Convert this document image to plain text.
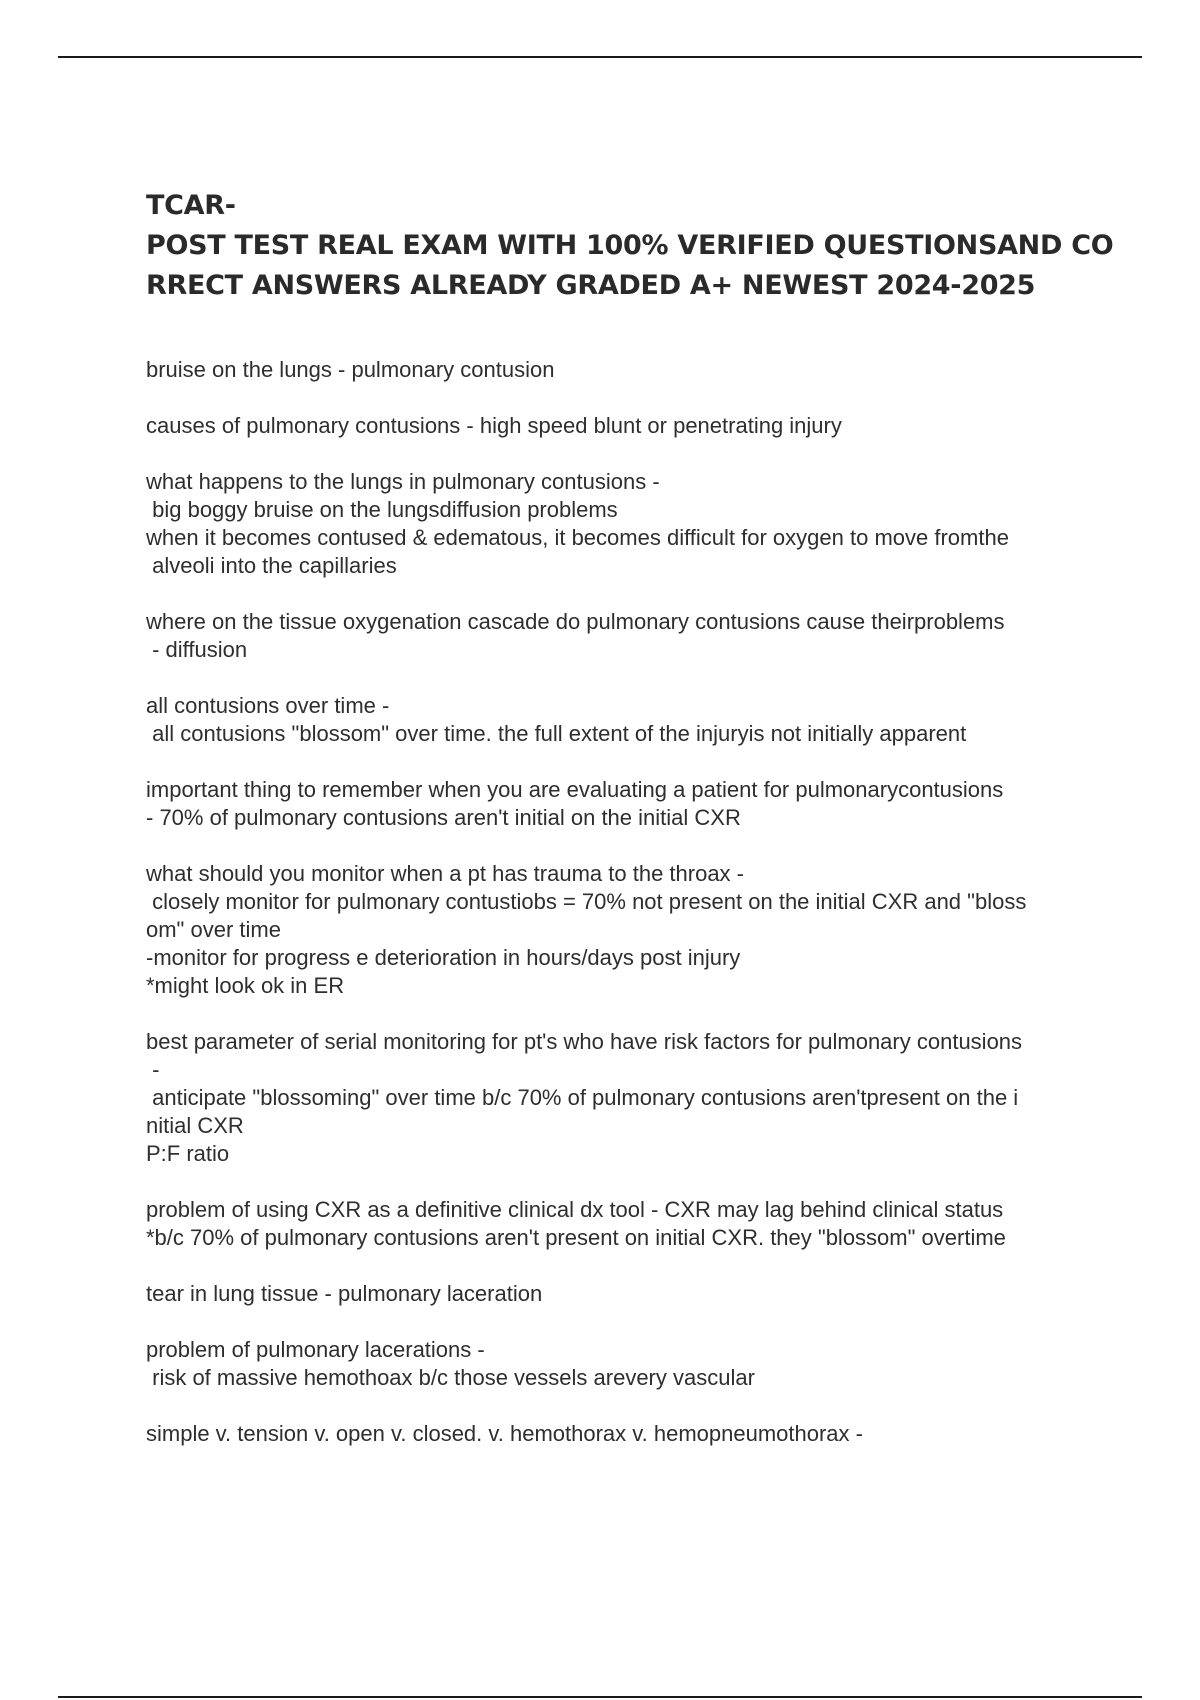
TCAR-
POST TEST REAL EXAM WITH 100% VERIFIED QUESTIONSAND CO
RRECT ANSWERS ALREADY GRADED A+ NEWEST 2024-2025
bruise on the lungs - pulmonary contusion
causes of pulmonary contusions - high speed blunt or penetrating injury
what happens to the lungs in pulmonary contusions -
big boggy bruise on the lungsdiffusion problems
when it becomes contused & edematous, it becomes difficult for oxygen to move fromthe
alveoli into the capillaries
where on the tissue oxygenation cascade do pulmonary contusions cause theirproblems
- diffusion
all contusions over time -
all contusions "blossom" over time. the full extent of the injuryis not initially apparent
important thing to remember when you are evaluating a patient for pulmonarycontusions
- 70% of pulmonary contusions aren't initial on the initial CXR
what should you monitor when a pt has trauma to the throax -
closely monitor for pulmonary contustiobs = 70% not present on the initial CXR and "bloss
om" over time
-monitor for progress e deterioration in hours/days post injury
*might look ok in ER
best parameter of serial monitoring for pt's who have risk factors for pulmonary contusions
-
anticipate "blossoming" over time b/c 70% of pulmonary contusions aren'tpresent on the i
nitial CXR
P:F ratio
problem of using CXR as a definitive clinical dx tool - CXR may lag behind clinical status
*b/c 70% of pulmonary contusions aren't present on initial CXR. they "blossom" overtime
tear in lung tissue - pulmonary laceration
problem of pulmonary lacerations -
risk of massive hemothoax b/c those vessels arevery vascular
simple v. tension v. open v. closed. v. hemothorax v. hemopneumothorax -
